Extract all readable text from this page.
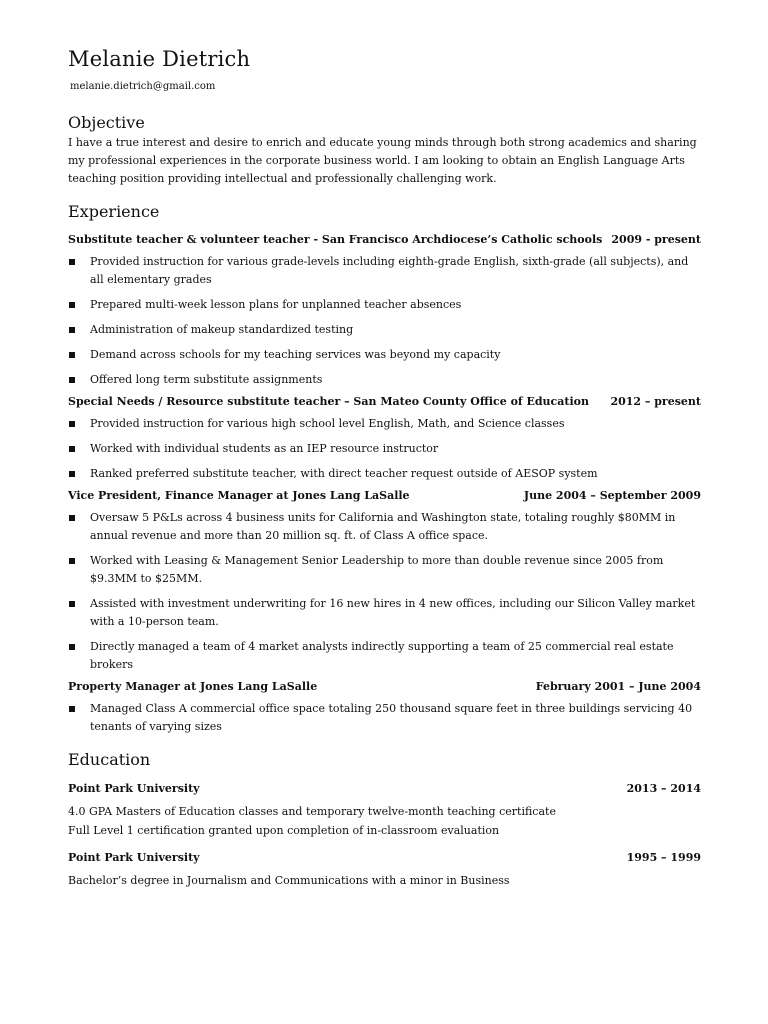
Melanie Dietrich
melanie.dietrich@gmail.com
Objective

I have a true interest and desire to enrich and educate young minds through both strong academics and sharing my professional experiences in the corporate business world. I am looking to obtain an English Language Arts teaching position providing intellectual and professionally challenging work.

Experience
Substitute teacher & volunteer teacher - San Francisco Archdiocese’s Catholic schools 2009 - present
Provided instruction for various grade-levels including eighth-grade English, sixth-grade (all subjects), and all elementary grades
Prepared multi-week lesson plans for unplanned teacher absences
Administration of makeup standardized testing
Demand across schools for my teaching services was beyond my capacity
Offered long term substitute assignments
Special Needs / Resource substitute teacher – San Mateo County Office of Education 2012 – present
Provided instruction for various high school level English, Math, and Science classes
Worked with individual students as an IEP resource instructor
Ranked preferred substitute teacher, with direct teacher request outside of AESOP system
Vice President, Finance Manager at Jones Lang LaSalle	June 2004 – September 2009
Oversaw 5 P&Ls across 4 business units for California and Washington state, totaling roughly $80MM in annual revenue and more than 20 million sq. ft. of Class A office space.
Worked with Leasing & Management Senior Leadership to more than double revenue since 2005 from $9.3MM to $25MM.
Assisted with investment underwriting for 16 new hires in 4 new offices, including our Silicon Valley market with a 10-person team.
Directly managed a team of 4 market analysts indirectly supporting a team of 25 commercial real estate brokers
Property Manager at Jones Lang LaSalle	February 2001 – June 2004
Managed Class A commercial office space totaling 250 thousand square feet in three buildings servicing 40 tenants of varying sizes
Education
Point Park University	2013 – 2014

4.0 GPA Masters of Education classes and temporary twelve-month teaching certificate

Full Level 1 certification granted upon completion of in-classroom evaluation

Point Park University	1995 – 1999

Bachelor’s degree in Journalism and Communications with a minor in Business
